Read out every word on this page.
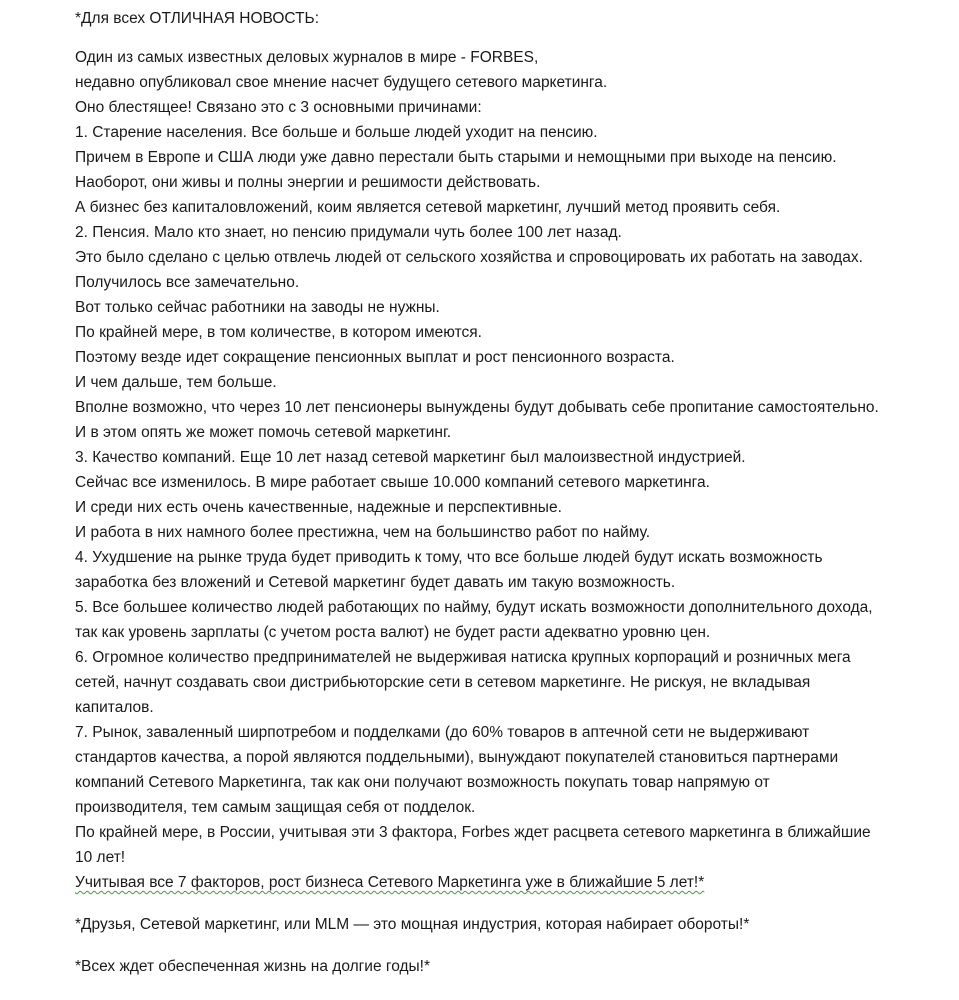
*Для всех ОТЛИЧНАЯ НОВОСТЬ:
Один из самых известных деловых журналов в мире - FORBES,
недавно опубликовал свое мнение насчет будущего сетевого маркетинга.
Оно блестящее! Связано это с 3 основными причинами:
1. Старение населения. Все больше и больше людей уходит на пенсию.
Причем в Европе и США люди уже давно перестали быть старыми и немощными при выходе на пенсию.
Наоборот, они живы и полны энергии и решимости действовать.
А бизнес без капиталовложений, коим является сетевой маркетинг, лучший метод проявить себя.
2. Пенсия. Мало кто знает, но пенсию придумали чуть более 100 лет назад.
Это было сделано с целью отвлечь людей от сельского хозяйства и спровоцировать их работать на заводах.
Получилось все замечательно.
Вот только сейчас работники на заводы не нужны.
По крайней мере, в том количестве, в котором имеются.
Поэтому везде идет сокращение пенсионных выплат и рост пенсионного возраста.
И чем дальше, тем больше.
Вполне возможно, что через 10 лет пенсионеры вынуждены будут добывать себе пропитание самостоятельно.
И в этом опять же может помочь сетевой маркетинг.
3. Качество компаний. Еще 10 лет назад сетевой маркетинг был малоизвестной индустрией.
Сейчас все изменилось. В мире работает свыше 10.000 компаний сетевого маркетинга.
И среди них есть очень качественные, надежные и перспективные.
И работа в них намного более престижна, чем на большинство работ по найму.
4. Ухудшение на рынке труда будет приводить к тому, что все больше людей будут искать возможность
заработка без вложений и Сетевой маркетинг будет давать им такую возможность.
5. Все большее количество людей работающих по найму, будут искать возможности дополнительного дохода,
так как уровень зарплаты (с учетом роста валют) не будет расти адекватно уровню цен.
6. Огромное количество предпринимателей не выдерживая натиска крупных корпораций и розничных мега
сетей, начнут создавать свои дистрибьюторские сети в сетевом маркетинге. Не рискуя, не вкладывая
капиталов.
7. Рынок, заваленный ширпотребом и подделками (до 60% товаров в аптечной сети не выдерживают
стандартов качества, а порой являются поддельными), вынуждают покупателей становиться партнерами
компаний Сетевого Маркетинга, так как они получают возможность покупать товар напрямую от
производителя, тем самым защищая себя от подделок.
По крайней мере, в России, учитывая эти 3 фактора, Forbes ждет расцвета сетевого маркетинга в ближайшие
10 лет!
Учитывая все 7 факторов, рост бизнеса Сетевого Маркетинга уже в ближайшие 5 лет!*
*Друзья, Сетевой маркетинг, или MLM — это мощная индустрия, которая набирает обороты!*
*Всех ждет обеспеченная жизнь на долгие годы!*
